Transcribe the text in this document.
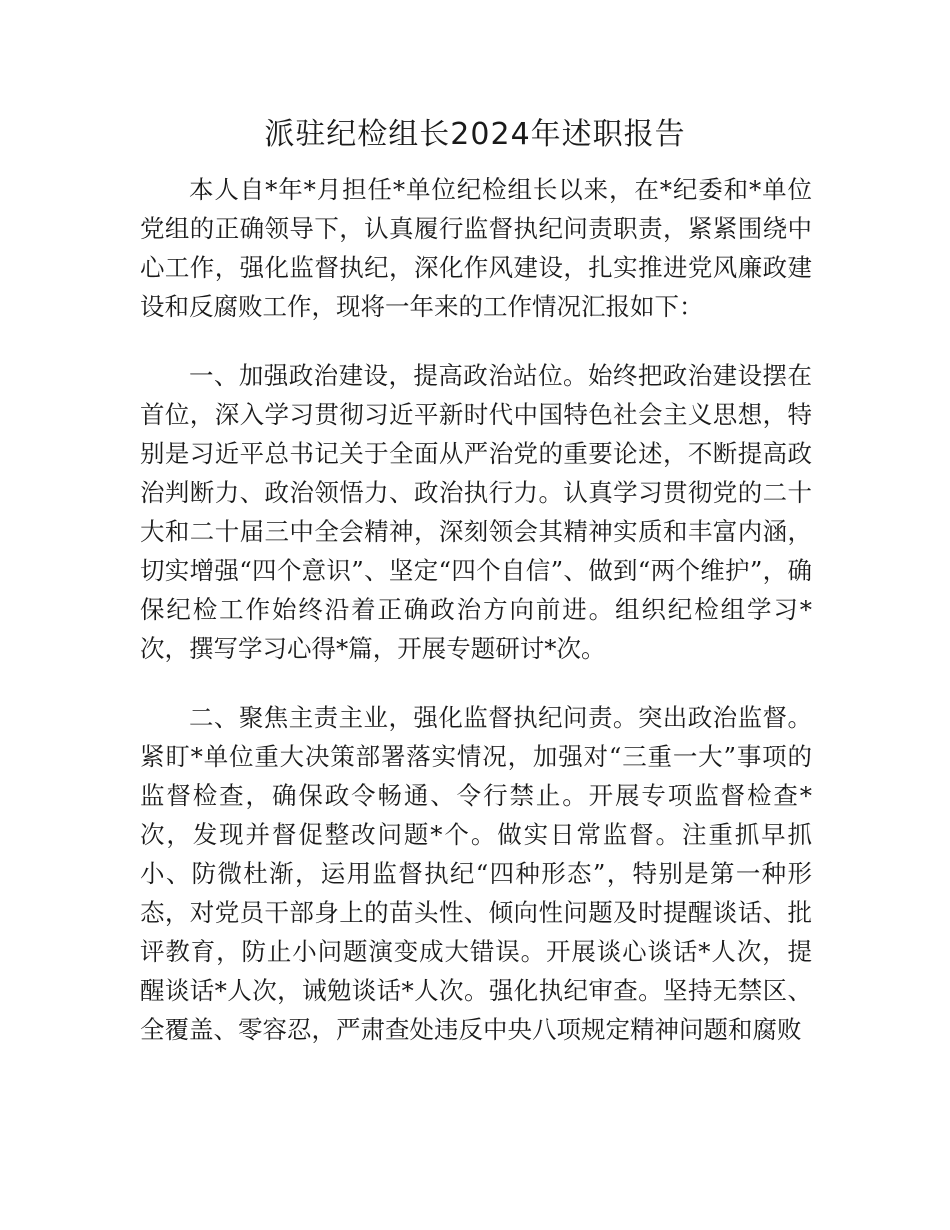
派驻纪检组长2024年述职报告

本人自*年*月担任*单位纪检组长以来，在*纪委和*单位党组的正确领导下，认真履行监督执纪问责职责，紧紧围绕中心工作，强化监督执纪，深化作风建设，扎实推进党风廉政建设和反腐败工作，现将一年来的工作情况汇报如下：

一、加强政治建设，提高政治站位。始终把政治建设摆在首位，深入学习贯彻习近平新时代中国特色社会主义思想，特别是习近平总书记关于全面从严治党的重要论述，不断提高政治判断力、政治领悟力、政治执行力。认真学习贯彻党的二十大和二十届三中全会精神，深刻领会其精神实质和丰富内涵，切实增强“四个意识”、坚定“四个自信”、做到“两个维护”，确保纪检工作始终沿着正确政治方向前进。组织纪检组学习*次，撰写学习心得*篇，开展专题研讨*次。

二、聚焦主责主业，强化监督执纪问责。突出政治监督。紧盯*单位重大决策部署落实情况，加强对“三重一大”事项的监督检查，确保政令畅通、令行禁止。开展专项监督检查*次，发现并督促整改问题*个。做实日常监督。注重抓早抓小、防微杜渐，运用监督执纪“四种形态”，特别是第一种形态，对党员干部身上的苗头性、倾向性问题及时提醒谈话、批评教育，防止小问题演变成大错误。开展谈心谈话*人次，提醒谈话*人次，诫勉谈话*人次。强化执纪审查。坚持无禁区、全覆盖、零容忍，严肃查处违反中央八项规定精神问题和腐败
